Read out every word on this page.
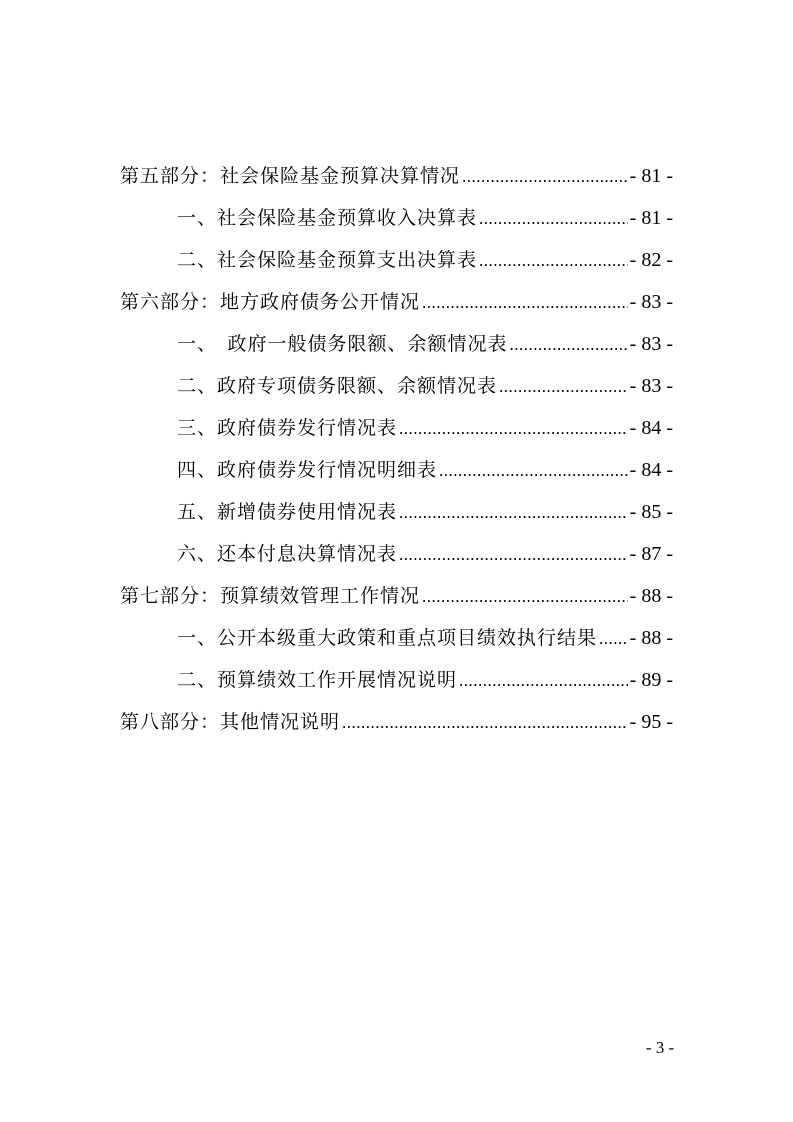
第五部分：社会保险基金预算决算情况 .....	- 81 -
一、社会保险基金预算收入决算表 .....	- 81 -
二、社会保险基金预算支出决算表 .....	- 82 -
第六部分：地方政府债务公开情况 .....	- 83 -
一、　政府一般债务限额、余额情况表 .....	- 83 -
二、政府专项债务限额、余额情况表 .....	- 83 -
三、政府债券发行情况表 .....	- 84 -
四、政府债券发行情况明细表 .....	- 84 -
五、新增债券使用情况表 .....	- 85 -
六、还本付息决算情况表 .....	- 87 -
第七部分：预算绩效管理工作情况 .....	- 88 -
一、公开本级重大政策和重点项目绩效执行结果 ..... - 88 -
二、预算绩效工作开展情况说明 .....	- 89 -
第八部分：其他情况说明 .....	- 95 -
- 3 -
